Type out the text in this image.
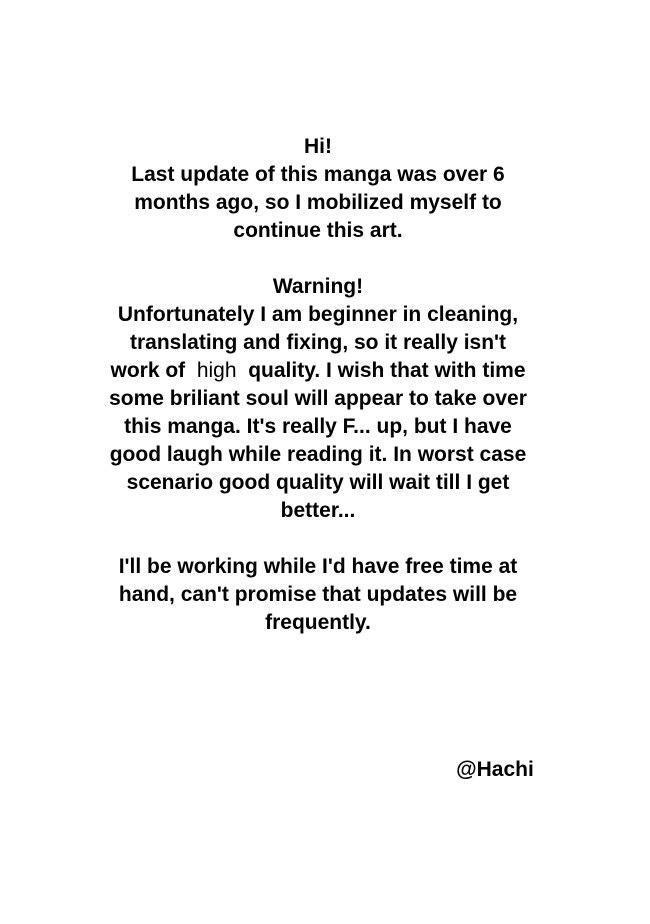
Hi!

Last update of this manga was over 6

months ago, so I mobilized myself to

continue this art.

Warning!

Unfortunately I am beginner in cleaning,

translating and fixing, so it really isn't

work of high quality. I wish that with time

some briliant soul will appear to take over

this manga. It's really F... up, but I have

good laugh while reading it. In worst case

scenario good quality will wait till I get

better...

I'll be working while I'd have free time at

hand, can't promise that updates will be

frequently.

@Hachi
